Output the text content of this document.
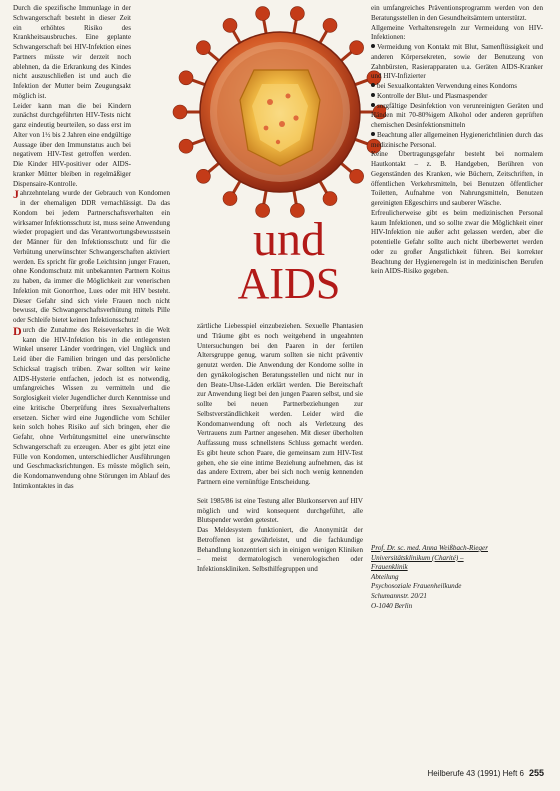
und
AIDS

Durch die spezifische Immunlage in der Schwangerschaft besteht in dieser Zeit ein erhöhtes Risiko des Krankheitsausbruches. Eine geplante Schwangerschaft bei HIV-Infektion eines Partners müsste wir derzeit noch ablehnen, da die Erkrankung des Kindes nicht auszuschließen ist und auch die Infektion der Mutter beim Zeugungsakt möglich ist.

Leider kann man die bei Kindern zunächst durchgeführten HIV-Tests nicht ganz eindeutig beurteilen, so dass erst im Alter von 1½ bis 2 Jahren eine endgültige Aussage über den Immunstatus auch bei negativem HIV-Test getroffen werden. Die Kinder HIV-positiver oder AIDS-kranker Mütter bleiben in regelmäßiger Dispensaire-Kontrolle.

Jahrzehntelang wurde der Gebrauch von Kondomen in der ehemaligen DDR vernachlässigt. Da das Kondom bei jedem Partnerschaftsverhalten ein wirksamer Infektionsschutz ist, muss seine Anwendung wieder propagiert und das Verantwortungsbewusstsein der Männer für den Infektionsschutz und für die Verhütung unerwünschter Schwangerschaften aktiviert werden. Es spricht für große Leichtsinn junger Frauen, ohne Kondomschutz mit unbekannten Partnern Koitus zu haben, da immer die Möglichkeit zur venerischen Infektion mit Gonorrhoe, Lues oder mit HIV besteht. Dieser Gefahr sind sich viele Frauen noch nicht bewusst, die Schwangerschaftsverhütung mittels Pille oder Schleife bietet keinen Infektionsschutz!

Durch die Zunahme des Reiseverkehrs in die Welt kann die HIV-Infektion bis in die entlegensten Winkel unserer Länder vordringen, viel Unglück und Leid über die Familien bringen und das persönliche Schicksal tragisch trüben. Zwar sollten wir keine AIDS-Hysterie entfachen, jedoch ist es notwendig, umfangreiches Wissen zu vermitteln und die Sorglosigkeit vieler Jugendlicher durch Kenntnisse und eine kritische Überprüfung ihres Sexualverhaltens ersetzen. Sicher wird eine Jugendliche vom Schüler kein solch hohes Risiko auf sich bringen, eher die Gefahr, ohne Verhütungsmittel eine unerwünschte Schwangerschaft zu erzeugen. Aber es gibt jetzt eine Fülle von Kondomen, unterschiedlicher Ausführungen und Geschmacksrichtungen. Es müsste möglich sein, die Kondomanwendung ohne Störungen im Ablauf des Intimkontaktes in das

zärtliche Liebesspiel einzubeziehen. Sexuelle Phantasien und Träume gibt es noch weitgehend in ungeahnten Untersuchungen bei den Paaren in der fertilen Altersgruppe genug, warum sollten sie nicht präventiv genutzt werden. Die Anwendung der Kondome sollte in den gynäkologischen Beratungsstellen und nicht nur in den Beate-Uhse-Läden erklärt werden. Die Bereitschaft zur Anwendung liegt bei den jungen Paaren selbst, und sie sollte bei neuen Partnerbeziehungen zur Selbstverständlichkeit werden. Leider wird die Kondomanwendung oft noch als Verletzung des Vertrauens zum Partner angesehen. Mit dieser überholten Auffassung muss schnellstens Schluss gemacht werden. Es gibt heute schon Paare, die gemeinsam zum HIV-Test gehen, ehe sie eine intime Beziehung aufnehmen, das ist das andere Extrem, aber bei sich noch wenig kennenden Partnern eine vernünftige Entscheidung.

Seit 1985/86 ist eine Testung aller Blutkonserven auf HIV möglich und wird konsequent durchgeführt, alle Blutspender werden getestet.

Das Meldesystem funktioniert, die Anonymität der Betroffenen ist gewährleistet, und die fachkundige Behandlung konzentriert sich in einigen wenigen Kliniken – meist dermatologisch venerologischen oder Infektionskliniken. Selbsthilfegruppen und

ein umfangreiches Präventionsprogramm werden von den Beratungsstellen in den Gesundheitsämtern unterstützt.

Allgemeine Verhaltensregeln zur Vermeidung von HIV-Infektionen:

Vermeidung von Kontakt mit Blut, Samenflüssigkeit und anderen Körpersekreten, sowie der Benutzung von Zahnbürsten, Rasierapparaten u.a. Geräten AIDS-Kranker und HIV-Infizierter

bei Sexualkontakten Verwendung eines Kondoms

Kontrolle der Blut- und Plasmaspender

sorgfältige Desinfektion von verunreinigten Geräten und Händen mit 70-80%igem Alkohol oder anderen geprüften chemischen Desinfektionsmitteln

Beachtung aller allgemeinen Hygienerichtlinien durch das medizinische Personal.

Keine Übertragungsgefahr besteht bei normalem Hautkontakt – z. B. Handgeben, Berühren von Gegenständen des Kranken, wie Büchern, Zeitschriften, in öffentlichen Verkehrsmitteln, bei Benutzen öffentlicher Toiletten, Aufnahme von Nahrungsmitteln, Benutzen gereinigten Eßgeschirrs und sauberer Wäsche.

Erfreulicherweise gibt es beim medizinischen Personal kaum Infektionen, und so sollte zwar die Möglichkeit einer HIV-Infektion nie außer acht gelassen werden, aber die potentielle Gefahr sollte auch nicht überbewertet werden oder zu großer Ängstlichkeit führen. Bei korrekter Beachtung der Hygieneregeln ist in medizinischen Berufen kein AIDS-Risiko gegeben.

Prof. Dr. sc. med. Anna Weißbach-Rieger

Universitätsklinikum (Charité) –

Frauenklinik

Abteilung

Psychosoziale Frauenheilkunde

Schumannstr. 20/21

O-1040 Berlin

Heilberufe 43 (1991) Heft 6 255
